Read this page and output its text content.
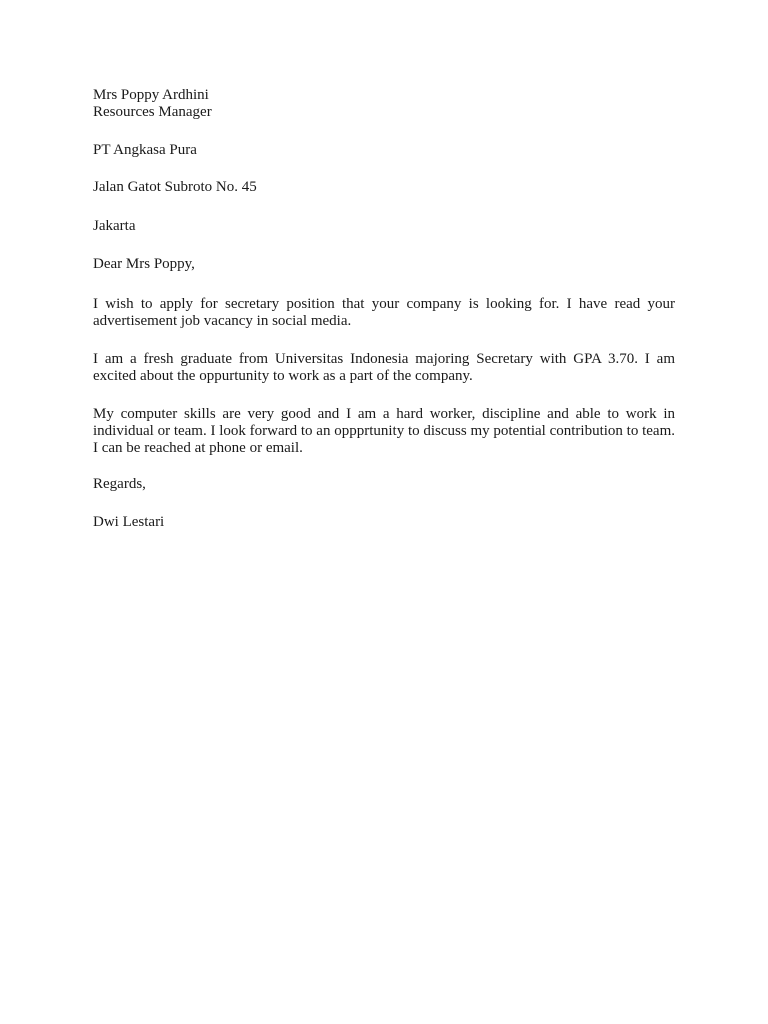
Mrs Poppy Ardhini

Resources Manager

PT Angkasa Pura

Jalan Gatot Subroto No. 45

Jakarta

Dear Mrs Poppy,

I wish to apply for secretary position that your company is looking for. I have read your advertisement job vacancy in social media.

I am a fresh graduate from Universitas Indonesia majoring Secretary with GPA 3.70. I am excited about the oppurtunity to work as a part of the company.

My computer skills are very good and I am a hard worker, discipline and able to work in individual or team. I look forward to an oppprtunity to discuss my potential contribution to team. I can be reached at phone or email.

Regards,

Dwi Lestari
